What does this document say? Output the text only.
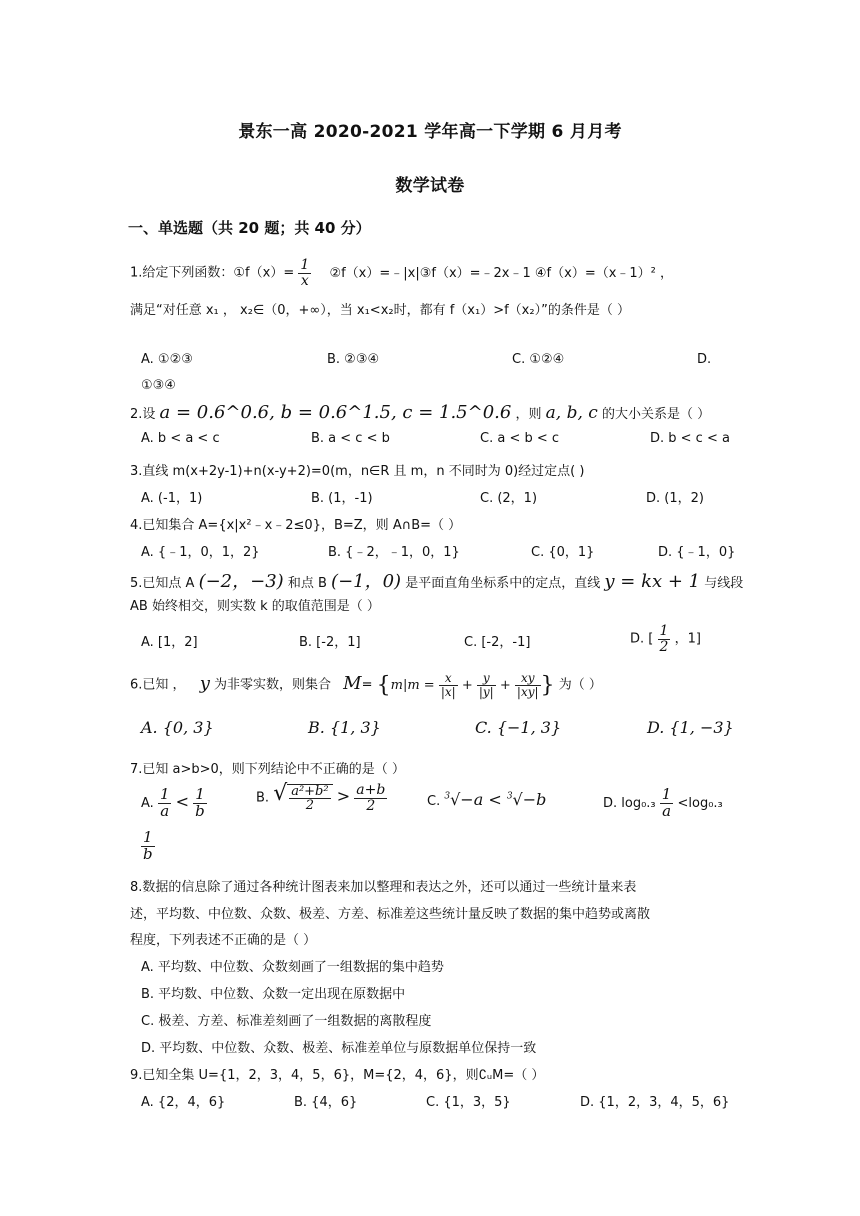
景东一高 2020-2021 学年高一下学期 6 月月考
数学试卷
一、单选题（共 20 题；共 40 分）
1.给定下列函数：①f（x）= $\frac{1}{x}$ ②f（x）=﹣|x|③f（x）=﹣2x﹣1 ④f（x）=（x﹣1）² ，
满足“对任意 x₁ ， x₂∈（0，+∞），当 x₁<x₂时，都有 f（x₁）>f（x₂）”的条件是（ ）
A. ①②③	B. ②③④	C. ①②④	D.
①③④
2.设 a = 0.6^0.6, b = 0.6^1.5, c = 1.5^0.6 ，则 a, b, c 的大小关系是（ ）
A. b < a < c	B. a < c < b	C. a < b < c	D. b < c < a
3.直线 m(x+2y-1)+n(x-y+2)=0(m，n∈R 且 m，n 不同时为 0)经过定点( )
A. (-1，1)	B. (1，-1)	C. (2，1)	D. (1，2)
4.已知集合 A={x|x²﹣x﹣2≤0}，B=Z，则 A∩B=（ ）
A. {﹣1，0，1，2}	B. {﹣2，﹣1，0，1}	C. {0，1}	D. {﹣1，0}
5.已知点 A (−2，−3) 和点 B (−1，0) 是平面直角坐标系中的定点，直线 y = kx + 1 与线段
AB 始终相交，则实数 k 的取值范围是（ ）
A. [1，2]	B. [-2，1]	C. [-2，-1]	D. [ $\frac{1}{2}$ ，1]
6.已知 ， y 为非零实数，则集合 $M= \{m|m = \frac{x}{|x|} + \frac{y}{|y|} + \frac{xy}{|xy|}$ } 为（ ）
A. {0, 3}	B. {1, 3}	C. {−1, 3}	D. {1, −3}
7.已知 a>b>0，则下列结论中不正确的是（ ）
A. $\frac{1}{a} < \frac{1}{b}$	B.
√ $\frac{\text{a²+b²}}{2} > \frac{a+b}{2}$	C. $^3$√−a < $^3$√−b	D. $\log_0._3 \frac{1}{a} <\log_0._3$
$\frac{1}{b}$
8.数据的信息除了通过各种统计图表来加以整理和表达之外，还可以通过一些统计量来表
述，平均数、中位数、众数、极差、方差、标准差这些统计量反映了数据的集中趋势或离散
程度，下列表述不正确的是（ ）
A. 平均数、中位数、众数刻画了一组数据的集中趋势
B. 平均数、中位数、众数一定出现在原数据中
C. 极差、方差、标准差刻画了一组数据的离散程度
D. 平均数、中位数、众数、极差、标准差单位与原数据单位保持一致
9.已知全集 U={1，2，3，4，5，6}，M={2，4，6}，则∁ᵤM=（ ）
A. {2，4，6}	B. {4，6}	C. {1，3，5}	D. {1，2，3，4，5，6}
